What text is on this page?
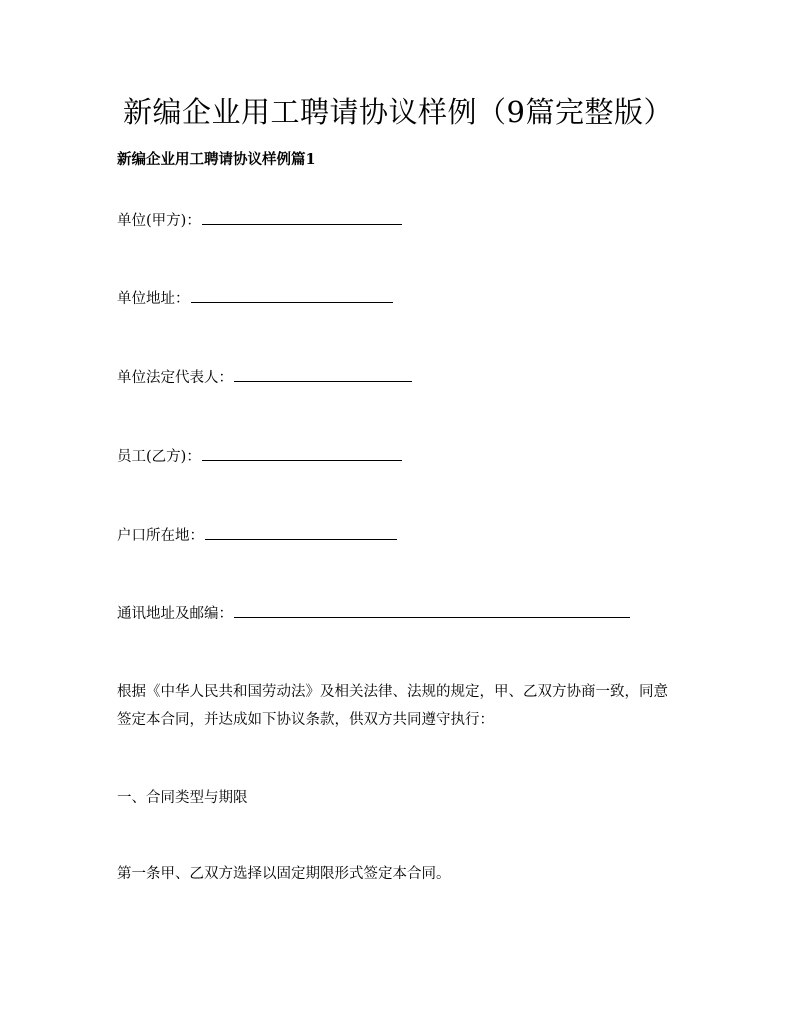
新编企业用工聘请协议样例（9篇完整版）

新编企业用工聘请协议样例篇1

单位(甲方)：
单位地址：
单位法定代表人：
员工(乙方)：
户口所在地：
通讯地址及邮编：

根据《中华人民共和国劳动法》及相关法律、法规的规定，甲、乙双方协商一致，同意签定本合同，并达成如下协议条款，供双方共同遵守执行：

一、合同类型与期限

第一条甲、乙双方选择以固定期限形式签定本合同。
